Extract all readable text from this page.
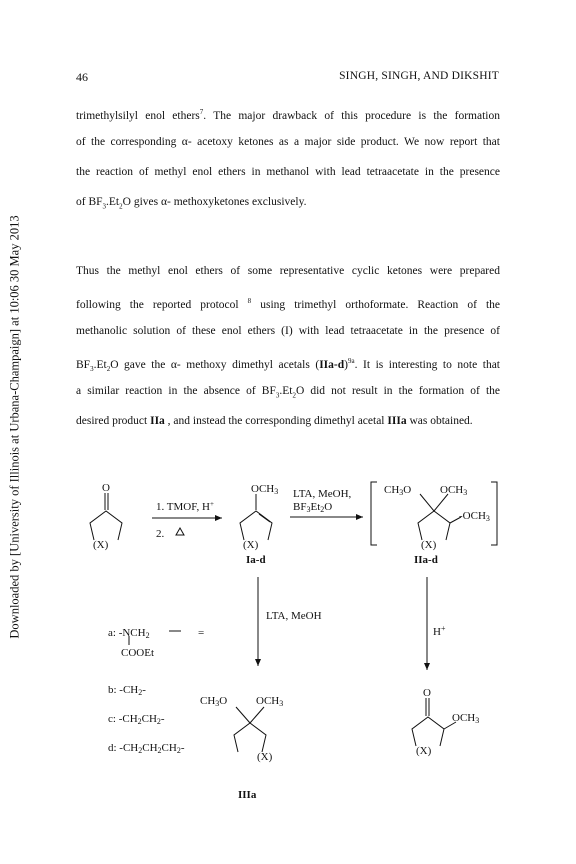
Downloaded by [University of Illinois at Urbana-Champaign] at 10:06 30 May 2013
46	SINGH, SINGH, AND DIKSHIT
trimethylsilyl enol ethers$^7$. The major drawback of this procedure is the formation
of the corresponding α- acetoxy ketones as a major side product. We now report that
the reaction of methyl enol ethers in methanol with lead tetraacetate in the presence
of $BF_3.Et_2O$ gives α- methoxyketones exclusively.
Thus the methyl enol ethers of some representative cyclic ketones were prepared
following the reported protocol $^8$ using trimethyl orthoformate. Reaction of the
methanolic solution of these enol ethers (I) with lead tetraacetate in the presence of
$BF_3.Et_2O$ gave the α- methoxy dimethyl acetals $(IIa-d)^{9a}$. It is interesting to note that
a similar reaction in the absence of $BF_3.Et_2O$ did not result in the formation of the
desired product IIa , and instead the corresponding dimethyl acetal IIIa was obtained.
O
(X)
1. TMOF, H+
2.
OCH3
(X)
Ia-d
LTA, MeOH,
BF3Et2O
CH3O	OCH3
-OCH3
(X)
IIa-d
LTA, MeOH
H+
a: -NCH2	=
COOEt
b: -CH2-
c: -CH2CH2-
d: -CH2CH2CH2-
CH3O	OCH3
(X)
IIIa
O
OCH3
(X)
